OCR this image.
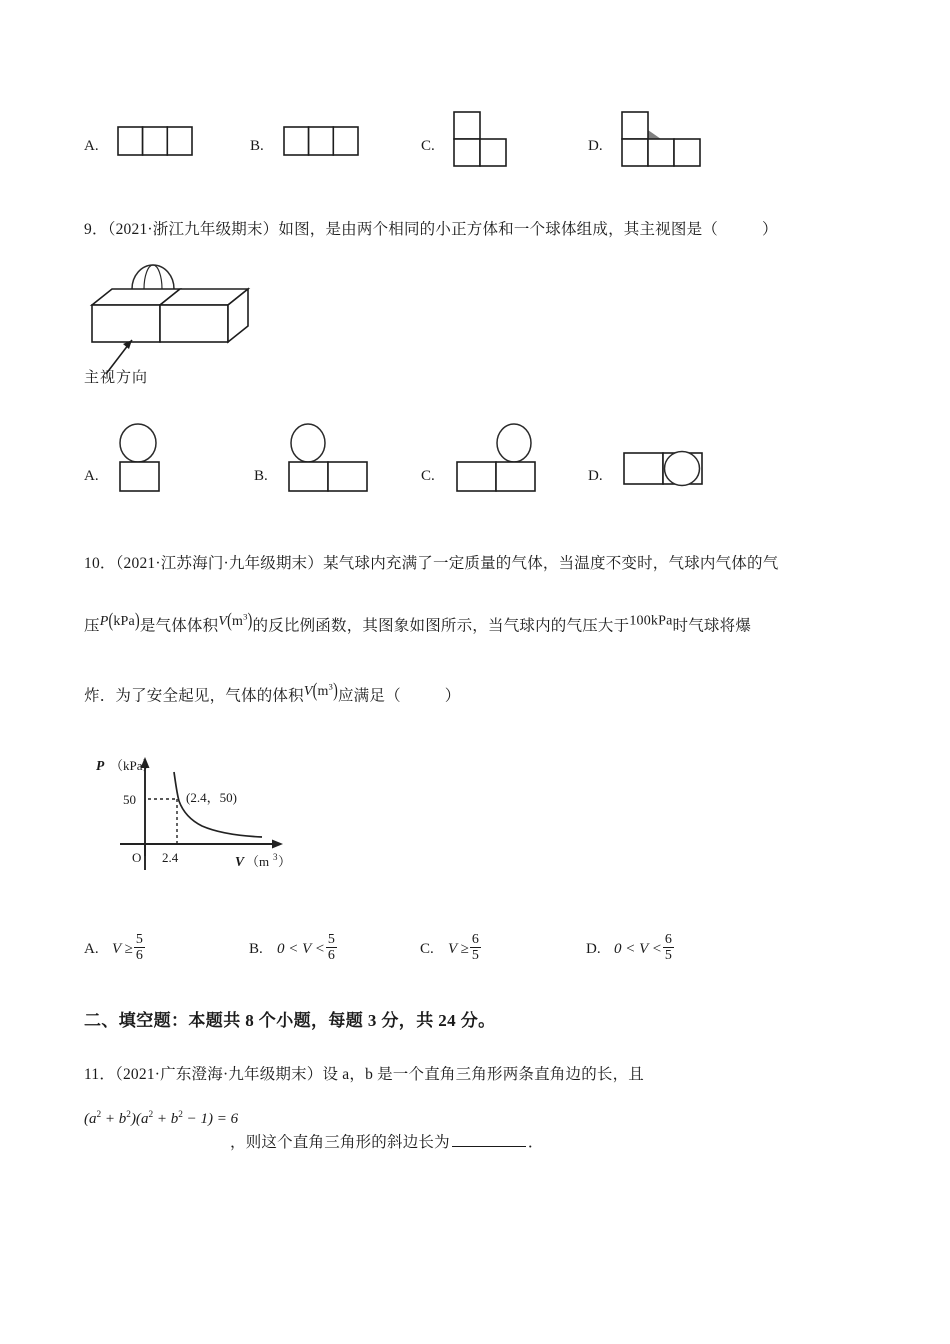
A.	B.	C.	D.
9．（2021·浙江九年级期末）如图，是由两个相同的小正方体和一个球体组成，其主视图是（	）
主视方向
A.	B.	C.	D.
10．（2021·江苏海门·九年级期末）某气球内充满了一定质量的气体，当温度不变时，气球内气体的气
压P(kPa)是气体体积$V(m^3)$的反比例函数，其图象如图所示，当气球内的气压大于100kPa时气球将爆
炸．为了安全起见，气体的体积$V(m^3)$应满足（	）
P （kPa）
50
O 2.4	V （m 3 ）
(2.4，50)
A. $V \ge \frac{5}{6}$	B. $0 < V < \frac{5}{6}$	C. $V \ge \frac{6}{5}$	D. $0 < V < \frac{6}{5}$
二、填空题：本题共 8 个小题，每题 3 分，共 24 分。
11．（2021·广东澄海·九年级期末）设 a，b 是一个直角三角形两条直角边的长，且
$(a^2 + b^2)(a^2 + b^2 - 1) = 6$
，则这个直角三角形的斜边长为	．
